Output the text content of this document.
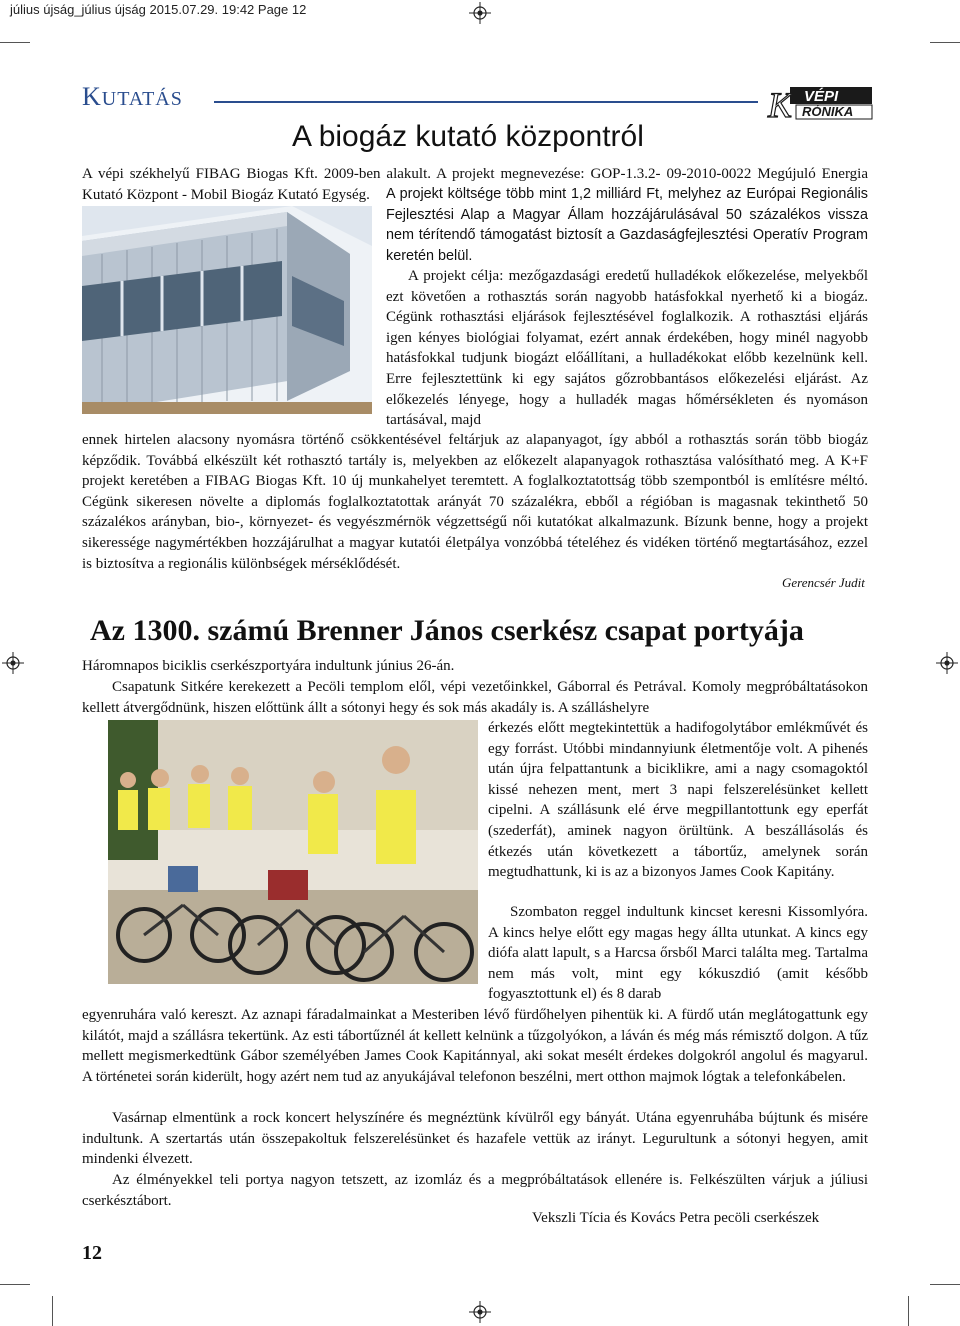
július újság_július újság 2015.07.29. 19:42 Page 12
KUTATÁS	K VÉPI
RÓNIKA
A biogáz kutató központról

A vépi székhelyű FIBAG Biogas Kft. 2009-ben alakult. A projekt megnevezése: GOP-1.3.2- 09-2010-0022 Megújuló Energia Kutató Központ - Mobil Biogáz Kutató Egység.	A projekt költsége több mint 1,2 milliárd Ft, melyhez az Európai Regionális Fejlesztési Alap a Magyar Állam hozzájárulásával 50 százalékos vissza nem térítendő támogatást biztosít a Gazdaságfejlesztési Operatív Program keretén belül.

A projekt célja: mezőgazdasági eredetű hulladékok előkezelése, melyekből ezt követően a rothasztás során nagyobb hatásfokkal nyerhető ki a biogáz. Cégünk rothasztási eljárások fejlesztésével foglalkozik. A rothasztási eljárás igen kényes biológiai folyamat, ezért annak érdekében, hogy minél nagyobb hatásfokkal tudjunk biogázt előállítani, a hulladékokat előbb kezelnünk kell. Erre fejlesztettünk ki egy sajátos gőzrobbantásos előkezelési eljárást. Az előkezelés lényege, hogy a hulladék magas hőmérsékleten és nyomáson tartásával, majd

ennek hirtelen alacsony nyomásra történő csökkentésével feltárjuk az alapanyagot, így abból a rothasztás során több biogáz képződik. Továbbá elkészült két rothasztó tartály is, melyekben az előkezelt alapanyagok rothasztása valósítható meg. A K+F projekt keretében a FIBAG Biogas Kft. 10 új munkahelyet teremtett. A foglalkoztatottság több szempontból is említésre méltó. Cégünk sikeresen növelte a diplomás foglalkoztatottak arányát 70 százalékra, ebből a régióban is magasnak tekinthető 50 százalékos arányban, bio-, környezet- és vegyészmérnök végzettségű női kutatókat alkalmazunk. Bízunk benne, hogy a projekt sikeressége nagymértékben hozzájárulhat a magyar kutatói életpálya vonzóbbá tételéhez és vidéken történő megtartásához, ezzel is biztosítva a regionális különbségek mérséklődését.

Gerencsér Judit
Az 1300. számú Brenner János cserkész csapat portyája

Háromnapos biciklis cserkészportyára indultunk június 26-án.

Csapatunk Sitkére kerekezett a Pecöli templom elől, vépi vezetőinkkel, Gáborral és Petrával. Komoly megpróbáltatásokon kellett átvergődnünk, hiszen előttünk állt a sótonyi hegy és sok más akadály is. A szálláshelyre

érkezés előtt megtekintettük a hadifogolytábor emlékművét és egy forrást. Utóbbi mindannyiunk életmentője volt. A pihenés után újra felpattantunk a biciklikre, ami a nagy csomagoktól kissé nehezen ment, mert 3 napi felszerelésünket kellett cipelni. A szállásunk elé érve megpillantottunk egy eperfát (szederfát), aminek nagyon örültünk. A beszállásolás és étkezés után következett a tábortűz, amelynek során megtudhattunk, ki is az a bizonyos James Cook Kapitány.

Szombaton reggel indultunk kincset keresni Kissomlyóra. A kincs helye előtt egy magas hegy állta utunkat. A kincs egy diófa alatt lapult, s a Harcsa őrsből Marci találta meg. Tartalma nem más volt, mint egy kókuszdió (amit később fogyasztottunk el) és 8 darab

egyenruhára való kereszt. Az aznapi fáradalmainkat a Mesteriben lévő fürdőhelyen pihentük ki. A fürdő után meglátogattunk egy kilátót, majd a szállásra tekertünk. Az esti tábortűznél át kellett kelnünk a tűzgolyókon, a láván és még más rémisztő dolgon. A tűz mellett megismerkedtünk Gábor személyében James Cook Kapitánnyal, aki sokat mesélt érdekes dolgokról angolul és magyarul. A történetei során kiderült, hogy azért nem tud az anyukájával telefonon beszélni, mert otthon majmok lógtak a telefonkábelen.

Vasárnap elmentünk a rock koncert helyszínére és megnéztünk kívülről egy bányát. Utána egyenruhába bújtunk és misére indultunk. A szertartás után összepakoltuk felszerelésünket és hazafele vettük az irányt. Legurultunk a sótonyi hegyen, amit mindenki élvezett.

Az élményekkel teli portya nagyon tetszett, az izomláz és a megpróbáltatások ellenére is. Felkészülten várjuk a júliusi cserkésztábort.

Vekszli Tícia és Kovács Petra pecöli cserkészek
12
